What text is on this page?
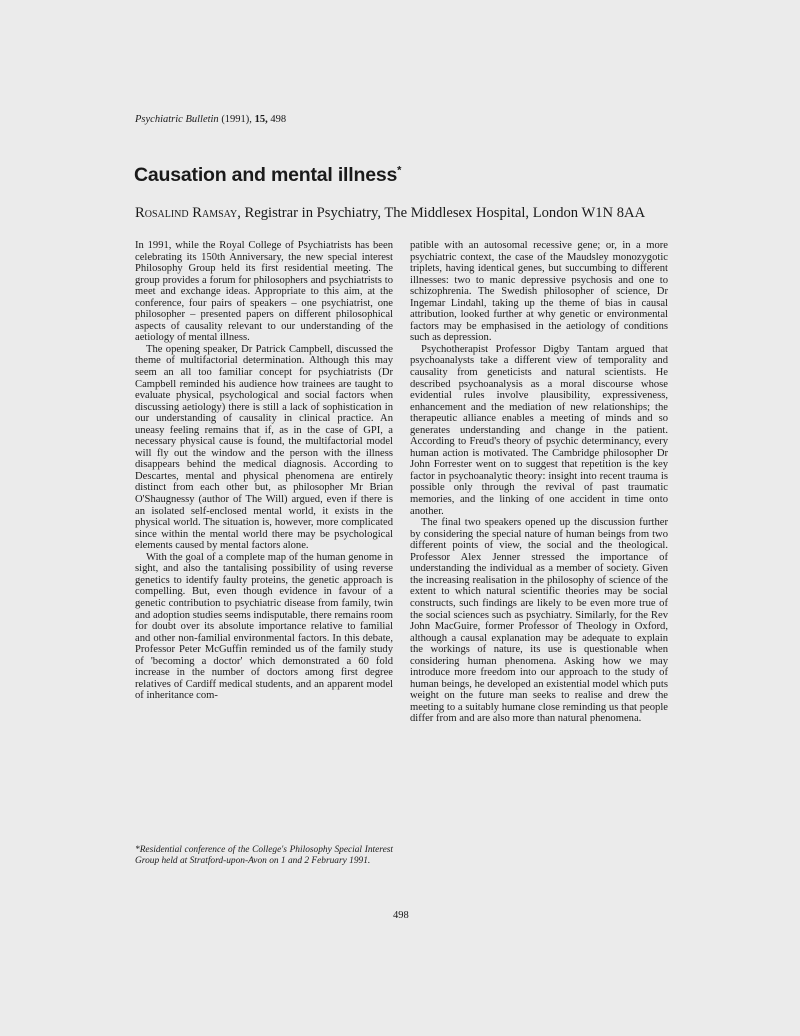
Psychiatric Bulletin (1991), 15, 498
Causation and mental illness*
Rosalind Ramsay, Registrar in Psychiatry, The Middlesex Hospital, London W1N 8AA

In 1991, while the Royal College of Psychiatrists has been celebrating its 150th Anniversary, the new special interest Philosophy Group held its first residential meeting. The group provides a forum for philosophers and psychiatrists to meet and exchange ideas. Appropriate to this aim, at the conference, four pairs of speakers – one psychiatrist, one philosopher – presented papers on different philosophical aspects of causality relevant to our understanding of the aetiology of mental illness.

The opening speaker, Dr Patrick Campbell, discussed the theme of multifactorial determination. Although this may seem an all too familiar concept for psychiatrists (Dr Campbell reminded his audience how trainees are taught to evaluate physical, psychological and social factors when discussing aetiology) there is still a lack of sophistication in our understanding of causality in clinical practice. An uneasy feeling remains that if, as in the case of GPI, a necessary physical cause is found, the multifactorial model will fly out the window and the person with the illness disappears behind the medical diagnosis. According to Descartes, mental and physical phenomena are entirely distinct from each other but, as philosopher Mr Brian O'Shaugnessy (author of The Will) argued, even if there is an isolated self-enclosed mental world, it exists in the physical world. The situation is, however, more complicated since within the mental world there may be psychological elements caused by mental factors alone.

With the goal of a complete map of the human genome in sight, and also the tantalising possibility of using reverse genetics to identify faulty proteins, the genetic approach is compelling. But, even though evidence in favour of a genetic contribution to psychiatric disease from family, twin and adoption studies seems indisputable, there remains room for doubt over its absolute importance relative to familial and other non-familial environmental factors. In this debate, Professor Peter McGuffin reminded us of the family study of 'becoming a doctor' which demonstrated a 60 fold increase in the number of doctors among first degree relatives of Cardiff medical students, and an apparent model of inheritance com-

*Residential conference of the College's Philosophy Special Interest Group held at Stratford-upon-Avon on 1 and 2 February 1991.

patible with an autosomal recessive gene; or, in a more psychiatric context, the case of the Maudsley monozygotic triplets, having identical genes, but succumbing to different illnesses: two to manic depressive psychosis and one to schizophrenia. The Swedish philosopher of science, Dr Ingemar Lindahl, taking up the theme of bias in causal attribution, looked further at why genetic or environmental factors may be emphasised in the aetiology of conditions such as depression.

Psychotherapist Professor Digby Tantam argued that psychoanalysts take a different view of temporality and causality from geneticists and natural scientists. He described psychoanalysis as a moral discourse whose evidential rules involve plausibility, expressiveness, enhancement and the mediation of new relationships; the therapeutic alliance enables a meeting of minds and so generates understanding and change in the patient. According to Freud's theory of psychic determinancy, every human action is motivated. The Cambridge philosopher Dr John Forrester went on to suggest that repetition is the key factor in psychoanalytic theory: insight into recent trauma is possible only through the revival of past traumatic memories, and the linking of one accident in time onto another.

The final two speakers opened up the discussion further by considering the special nature of human beings from two different points of view, the social and the theological. Professor Alex Jenner stressed the importance of understanding the individual as a member of society. Given the increasing realisation in the philosophy of science of the extent to which natural scientific theories may be social constructs, such findings are likely to be even more true of the social sciences such as psychiatry. Similarly, for the Rev John MacGuire, former Professor of Theology in Oxford, although a causal explanation may be adequate to explain the workings of nature, its use is questionable when considering human phenomena. Asking how we may introduce more freedom into our approach to the study of human beings, he developed an existential model which puts weight on the future man seeks to realise and drew the meeting to a suitably humane close reminding us that people differ from and are also more than natural phenomena.

498
